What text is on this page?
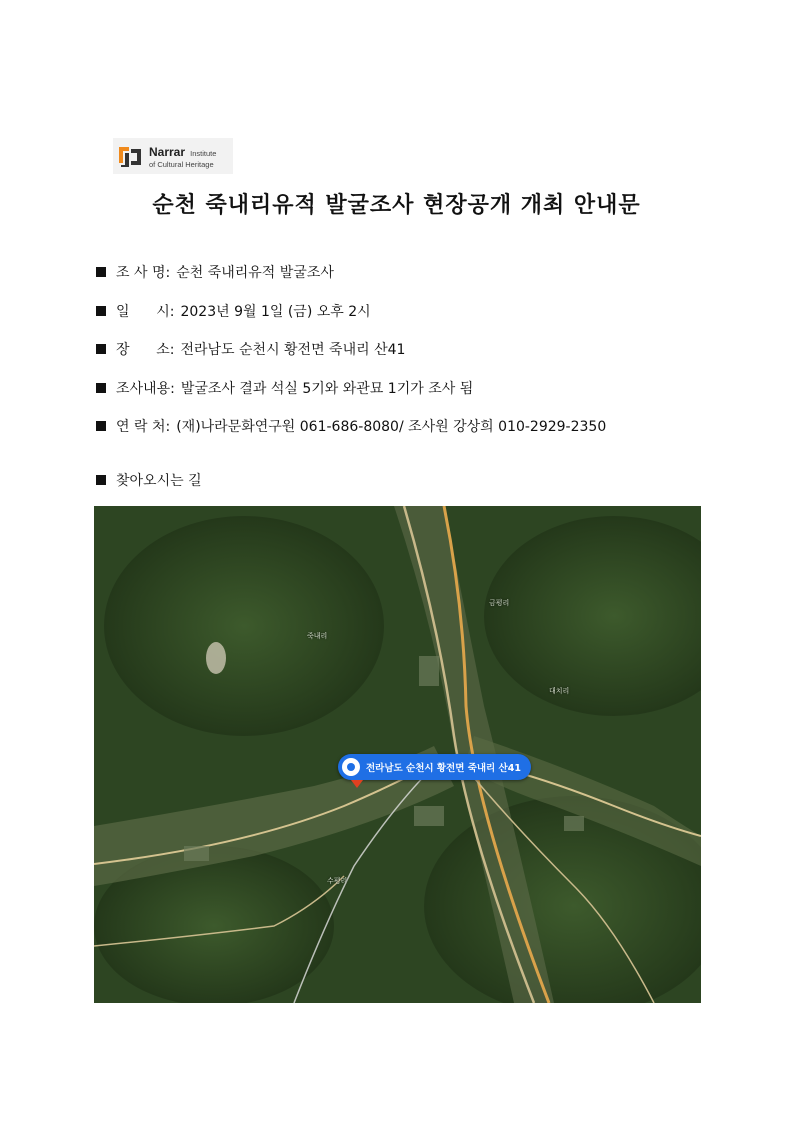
Narrar Institute
of Cultural Heritage
순천 죽내리유적 발굴조사 현장공개 개최 안내문
조 사 명: 순천 죽내리유적 발굴조사
일      시: 2023년 9월 1일 (금) 오후 2시
장      소: 전라남도 순천시 황전면 죽내리 산41
조사내용: 발굴조사 결과 석실 5기와 와관묘 1기가 조사 됨
연 락 처: (재)나라문화연구원 061-686-8080/ 조사원 강상희 010-2929-2350
찾아오시는 길
죽내리
금평리
대치리
수평리
전라남도 순천시 황전면 죽내리 산41
